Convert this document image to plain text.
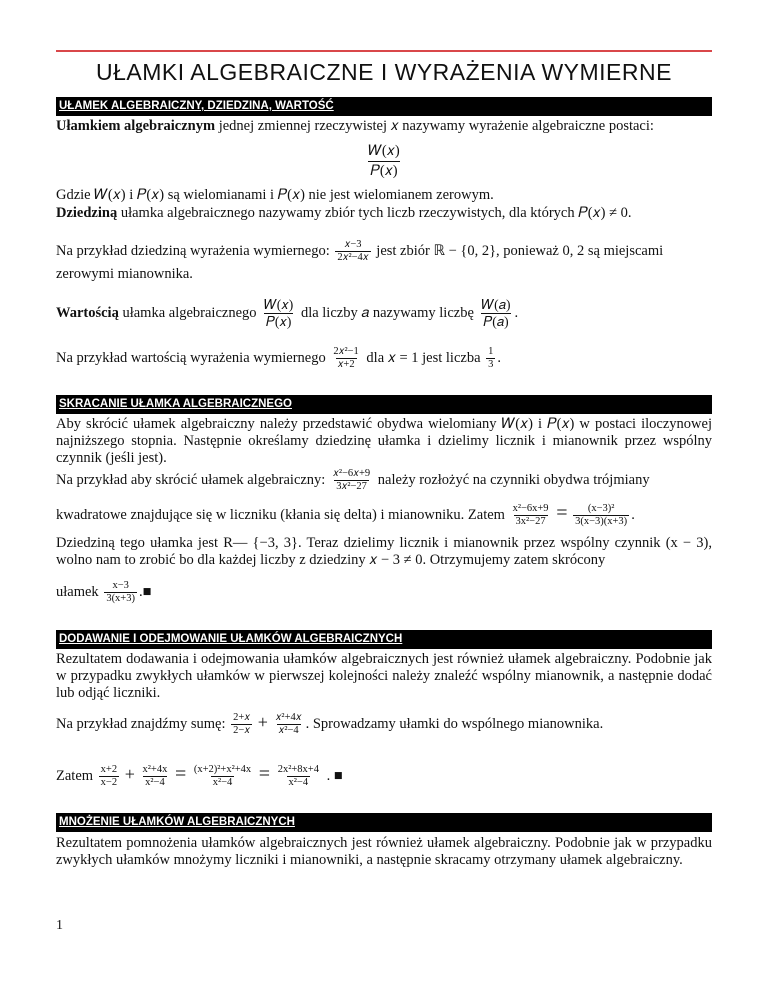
UŁAMKI ALGEBRAICZNE I WYRAŻENIA WYMIERNE
UŁAMEK ALGEBRAICZNY, DZIEDZINA, WARTOŚĆ
Ułamkiem algebraicznym jednej zmiennej rzeczywistej 𝑥 nazywamy wyrażenie algebraiczne postaci:
$\frac{\text{𝑊(𝑥)}}{\text{𝑃(𝑥)}}$
Gdzie 𝑊(𝑥) i 𝑃(𝑥) są wielomianami i 𝑃(𝑥) nie jest wielomianem zerowym.
Dziedziną ułamka algebraicznego nazywamy zbiór tych liczb rzeczywistych, dla których 𝑃(𝑥) ≠ 0.
Na przykład dziedziną wyrażenia wymiernego: $\frac{\text{𝑥−3}}{\text{2𝑥²−4𝑥}}$ jest zbiór ℝ − {0, 2}, ponieważ 0, 2 są miejscami
zerowymi mianownika.
Wartością ułamka algebraicznego $\frac{\text{𝑊(𝑥)}}{\text{𝑃(𝑥)}}$ dla liczby 𝑎 nazywamy liczbę $\frac{\text{𝑊(𝑎)}}{\text{𝑃(𝑎)}}$ .
Na przykład wartością wyrażenia wymiernego $\frac{\text{2𝑥²−1}}{\text{𝑥+2}}$ dla 𝑥 = 1 jest liczba $\frac{1}{3}$ .
SKRACANIE UŁAMKA ALGEBRAICZNEGO
Aby skrócić ułamek algebraiczny należy przedstawić obydwa wielomiany 𝑊(𝑥) i 𝑃(𝑥) w postaci iloczynowej najniższego stopnia. Następnie określamy dziedzinę ułamka i dzielimy licznik i mianownik przez wspólny czynnik (jeśli jest).
Na przykład aby skrócić ułamek algebraiczny: $\frac{\text{𝑥²−6𝑥+9}}{\text{3𝑥²−27}}$ należy rozłożyć na czynniki obydwa trójmiany
kwadratowe znajdujące się w liczniku (kłania się delta) i mianowniku. Zatem $\frac{\text{x²−6x+9}}{\text{3x²−27}} = \frac{\text{(x−3)²}}{3(x-3)(x+3)}$ .
Dziedziną tego ułamka jest R— {−3, 3}. Teraz dzielimy licznik i mianownik przez wspólny czynnik (x − 3), wolno nam to zrobić bo dla każdej liczby z dziedziny 𝑥 − 3 ≠ 0. Otrzymujemy zatem skrócony
ułamek $\frac{x-3}{3(x+3)}$ .■
DODAWANIE I ODEJMOWANIE UŁAMKÓW ALGEBRAICZNYCH
Rezultatem dodawania i odejmowania ułamków algebraicznych jest również ułamek algebraiczny. Podobnie jak w przypadku zwykłych ułamków w pierwszej kolejności należy znaleźć wspólny mianownik, a następnie dodać lub odjąć liczniki.
Na przykład znajdźmy sumę: $\frac{\text{2+𝑥}}{\text{2−𝑥}} + \frac{\text{𝑥²+4𝑥}}{\text{𝑥²−4}}$ . Sprowadzamy ułamki do wspólnego mianownika.
Zatem $\frac{x+2}{x-2} + \frac{\text{x²+4x}}{\text{x²−4}} = \frac{\text{(x+2)²+x²+4x}}{\text{x²−4}} = \frac{\text{2x²+8x+4}}{\text{x²−4}}$ . ■
MNOŻENIE UŁAMKÓW ALGEBRAICZNYCH
Rezultatem pomnożenia ułamków algebraicznych jest również ułamek algebraiczny. Podobnie jak w przypadku zwykłych ułamków mnożymy liczniki i mianowniki, a następnie skracamy otrzymany ułamek algebraiczny.
1
